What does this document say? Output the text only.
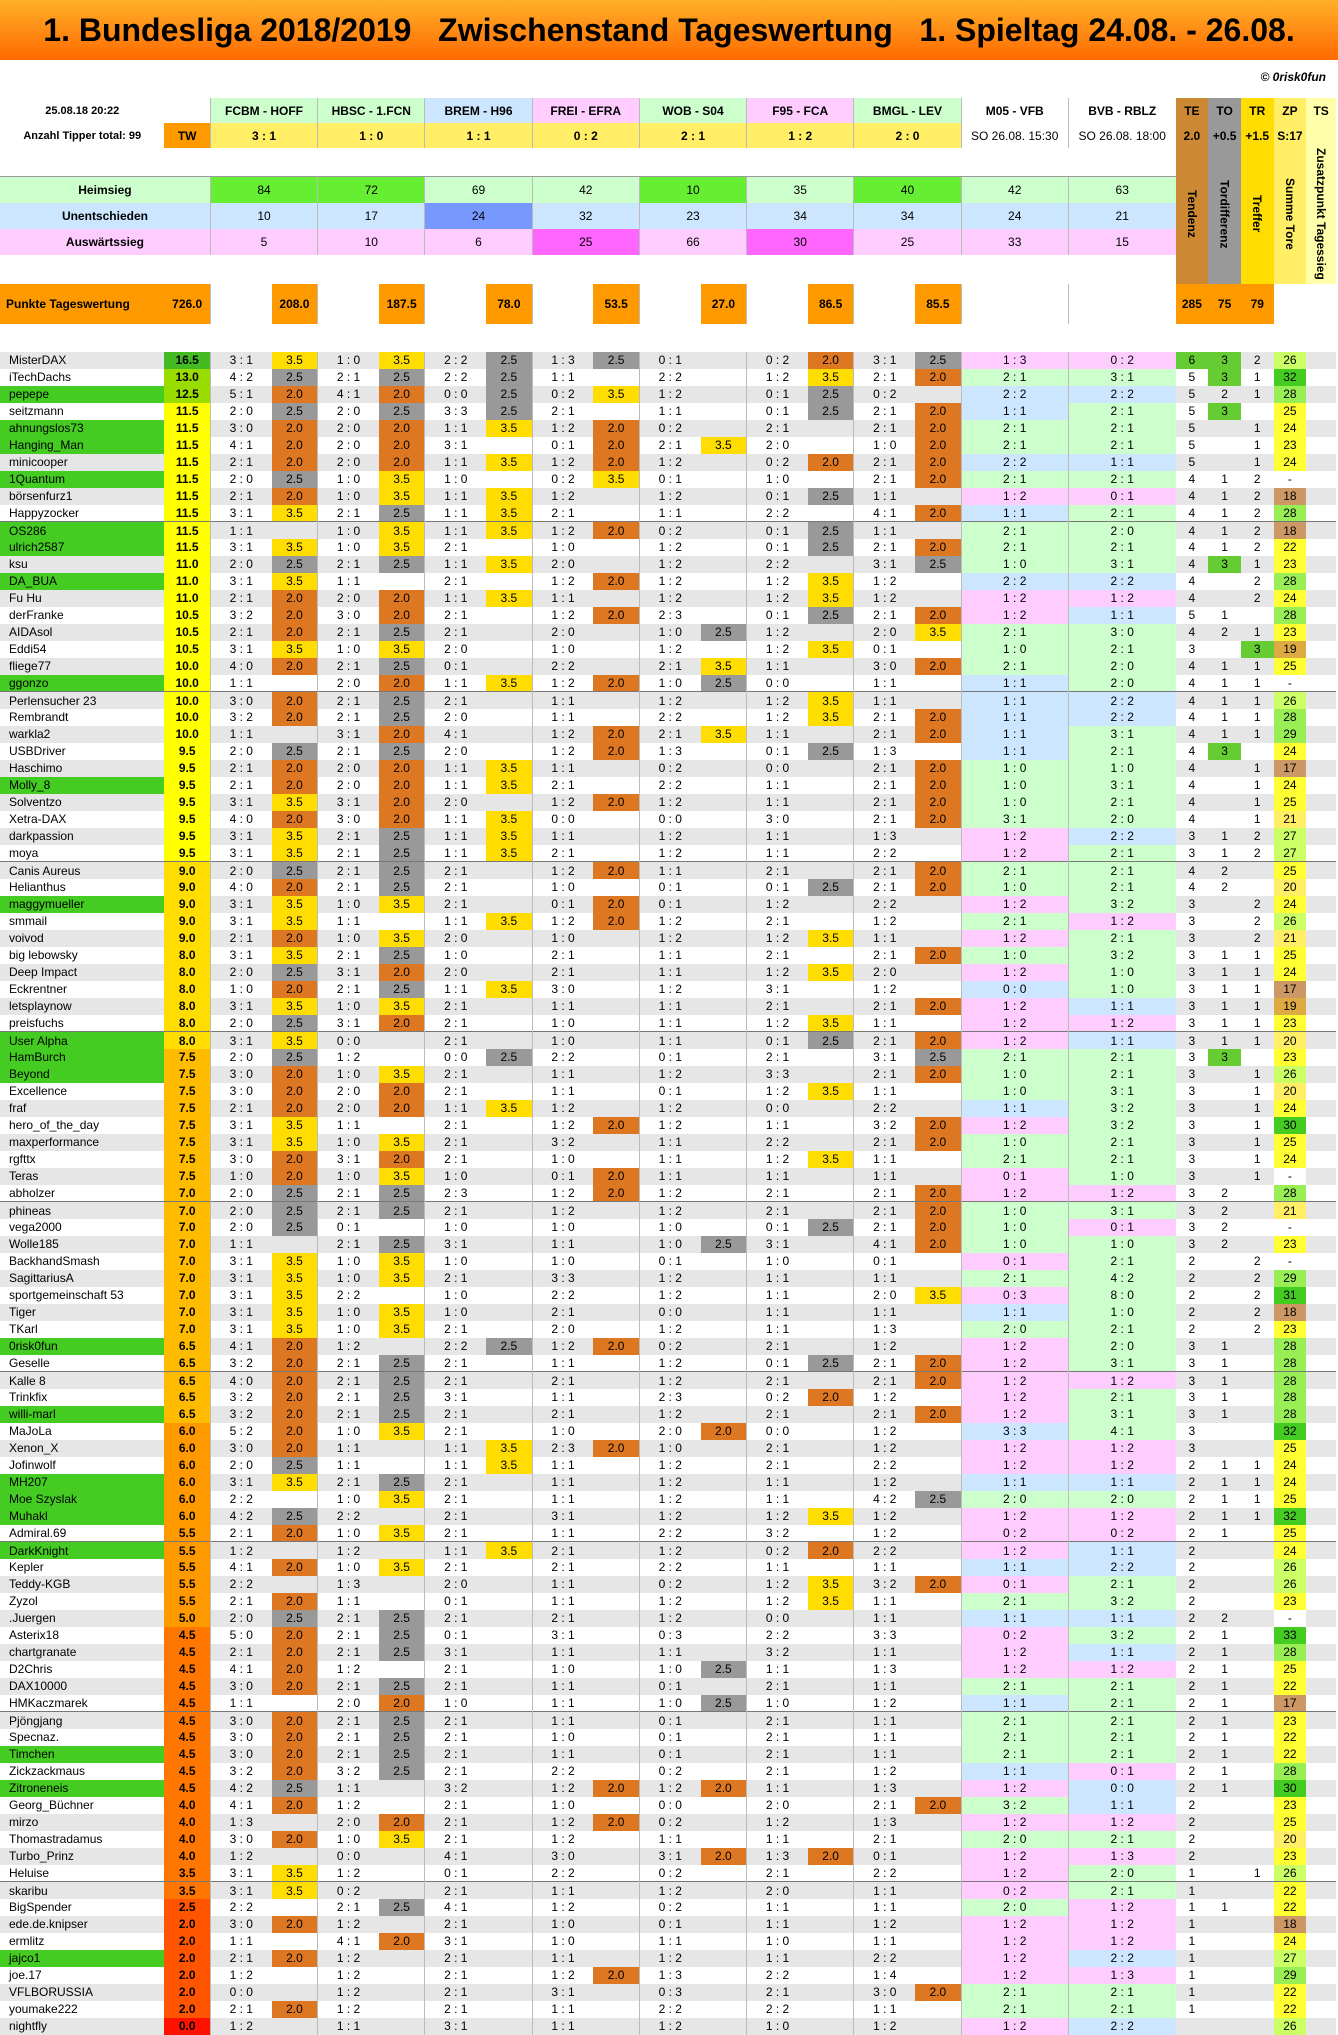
1. Bundesliga 2018/2019   Zwischenstand Tageswertung   1. Spieltag 24.08. - 26.08.
© 0risk0fun
25.08.18 20:22		FCBM - HOFF		HBSC - 1.FCN		BREM - H96		FREI - EFRA		WOB - S04		F95 - FCA		BMGL - LEV		M05 - VFB	BVB - RBLZ	TE	TO	TR	ZP	TS
Anzahl Tipper total: 99	TW	3 : 1		1 : 0		1 : 1		0 : 2		2 : 1		1 : 2		2 : 0		SO 26.08. 15:30	SO 26.08. 18:00	2.0	+0.5	+1.5	S:17	
																		Tendenz	Tordifferenz	Treffer	Summe Tore	Zusatzpunkt Tagessieg
Heimsieg		84		72		69		42		10		35		40		42	63					
Unentschieden		10		17		24		32		23		34		34		24	21					
Auswärtssieg		5		10		6		25		66		30		25		33	15					

Punkte Tageswertung	726.0		208.0		187.5		78.0		53.5		27.0		86.5		85.5			285	75	79		

MisterDAX	16.5	3 : 1	3.5	1 : 0	3.5	2 : 2	2.5	1 : 3	2.5	0 : 1		0 : 2	2.0	3 : 1	2.5	1 : 3	0 : 2	6	3	2	26	
iTechDachs	13.0	4 : 2	2.5	2 : 1	2.5	2 : 2	2.5	1 : 1		2 : 2		1 : 2	3.5	2 : 1	2.0	2 : 1	3 : 1	5	3	1	32	
pepepe	12.5	5 : 1	2.0	4 : 1	2.0	0 : 0	2.5	0 : 2	3.5	1 : 2		0 : 1	2.5	0 : 2		2 : 2	2 : 2	5	2	1	28	
seitzmann	11.5	2 : 0	2.5	2 : 0	2.5	3 : 3	2.5	2 : 1		1 : 1		0 : 1	2.5	2 : 1	2.0	1 : 1	2 : 1	5	3		25	
ahnungslos73	11.5	3 : 0	2.0	2 : 0	2.0	1 : 1	3.5	1 : 2	2.0	0 : 2		2 : 1		2 : 1	2.0	2 : 1	2 : 1	5		1	24	
Hanging_Man	11.5	4 : 1	2.0	2 : 0	2.0	3 : 1		0 : 1	2.0	2 : 1	3.5	2 : 0		1 : 0	2.0	2 : 1	2 : 1	5		1	23	
minicooper	11.5	2 : 1	2.0	2 : 0	2.0	1 : 1	3.5	1 : 2	2.0	1 : 2		0 : 2	2.0	2 : 1	2.0	2 : 2	1 : 1	5		1	24	
1Quantum	11.5	2 : 0	2.5	1 : 0	3.5	1 : 0		0 : 2	3.5	0 : 1		1 : 0		2 : 1	2.0	2 : 1	2 : 1	4	1	2	-	
börsenfurz1	11.5	2 : 1	2.0	1 : 0	3.5	1 : 1	3.5	1 : 2		1 : 2		0 : 1	2.5	1 : 1		1 : 2	0 : 1	4	1	2	18	
Happyzocker	11.5	3 : 1	3.5	2 : 1	2.5	1 : 1	3.5	2 : 1		1 : 1		2 : 2		4 : 1	2.0	1 : 1	2 : 1	4	1	2	28	
OS286	11.5	1 : 1		1 : 0	3.5	1 : 1	3.5	1 : 2	2.0	0 : 2		0 : 1	2.5	1 : 1		2 : 1	2 : 0	4	1	2	18	
ulrich2587	11.5	3 : 1	3.5	1 : 0	3.5	2 : 1		1 : 0		1 : 2		0 : 1	2.5	2 : 1	2.0	2 : 1	2 : 1	4	1	2	22	
ksu	11.0	2 : 0	2.5	2 : 1	2.5	1 : 1	3.5	2 : 0		1 : 2		2 : 2		3 : 1	2.5	1 : 0	3 : 1	4	3	1	23	
DA_BUA	11.0	3 : 1	3.5	1 : 1		2 : 1		1 : 2	2.0	1 : 2		1 : 2	3.5	1 : 2		2 : 2	2 : 2	4		2	28	
Fu Hu	11.0	2 : 1	2.0	2 : 0	2.0	1 : 1	3.5	1 : 1		1 : 2		1 : 2	3.5	1 : 2		1 : 2	1 : 2	4		2	24	
derFranke	10.5	3 : 2	2.0	3 : 0	2.0	2 : 1		1 : 2	2.0	2 : 3		0 : 1	2.5	2 : 1	2.0	1 : 2	1 : 1	5	1		28	
AIDAsol	10.5	2 : 1	2.0	2 : 1	2.5	2 : 1		2 : 0		1 : 0	2.5	1 : 2		2 : 0	3.5	2 : 1	3 : 0	4	2	1	23	
Eddi54	10.5	3 : 1	3.5	1 : 0	3.5	2 : 0		1 : 0		1 : 2		1 : 2	3.5	0 : 1		1 : 0	2 : 1	3		3	19	
fliege77	10.0	4 : 0	2.0	2 : 1	2.5	0 : 1		2 : 2		2 : 1	3.5	1 : 1		3 : 0	2.0	2 : 1	2 : 0	4	1	1	25	
ggonzo	10.0	1 : 1		2 : 0	2.0	1 : 1	3.5	1 : 2	2.0	1 : 0	2.5	0 : 0		1 : 1		1 : 1	2 : 0	4	1	1	-	
Perlensucher 23	10.0	3 : 0	2.0	2 : 1	2.5	2 : 1		1 : 1		1 : 2		1 : 2	3.5	1 : 1		1 : 1	2 : 2	4	1	1	26	
Rembrandt	10.0	3 : 2	2.0	2 : 1	2.5	2 : 0		1 : 1		2 : 2		1 : 2	3.5	2 : 1	2.0	1 : 1	2 : 2	4	1	1	28	
warkla2	10.0	1 : 1		3 : 1	2.0	4 : 1		1 : 2	2.0	2 : 1	3.5	1 : 1		2 : 1	2.0	1 : 1	3 : 1	4	1	1	29	
USBDriver	9.5	2 : 0	2.5	2 : 1	2.5	2 : 0		1 : 2	2.0	1 : 3		0 : 1	2.5	1 : 3		1 : 1	2 : 1	4	3		24	
Haschimo	9.5	2 : 1	2.0	2 : 0	2.0	1 : 1	3.5	1 : 1		0 : 2		0 : 0		2 : 1	2.0	1 : 0	1 : 0	4		1	17	
Molly_8	9.5	2 : 1	2.0	2 : 0	2.0	1 : 1	3.5	2 : 1		2 : 2		1 : 1		2 : 1	2.0	1 : 0	3 : 1	4		1	24	
Solventzo	9.5	3 : 1	3.5	3 : 1	2.0	2 : 0		1 : 2	2.0	1 : 2		1 : 1		2 : 1	2.0	1 : 0	2 : 1	4		1	25	
Xetra-DAX	9.5	4 : 0	2.0	3 : 0	2.0	1 : 1	3.5	0 : 0		0 : 0		3 : 0		2 : 1	2.0	3 : 1	2 : 0	4		1	21	
darkpassion	9.5	3 : 1	3.5	2 : 1	2.5	1 : 1	3.5	1 : 1		1 : 2		1 : 1		1 : 3		1 : 2	2 : 2	3	1	2	27	
moya	9.5	3 : 1	3.5	2 : 1	2.5	1 : 1	3.5	2 : 1		1 : 2		1 : 1		2 : 2		1 : 2	2 : 1	3	1	2	27	
Canis Aureus	9.0	2 : 0	2.5	2 : 1	2.5	2 : 1		1 : 2	2.0	1 : 1		2 : 1		2 : 1	2.0	2 : 1	2 : 1	4	2		25	
Helianthus	9.0	4 : 0	2.0	2 : 1	2.5	2 : 1		1 : 0		0 : 1		0 : 1	2.5	2 : 1	2.0	1 : 0	2 : 1	4	2		20	
maggymueller	9.0	3 : 1	3.5	1 : 0	3.5	2 : 1		0 : 1	2.0	0 : 1		1 : 2		2 : 2		1 : 2	3 : 2	3		2	24	
smmail	9.0	3 : 1	3.5	1 : 1		1 : 1	3.5	1 : 2	2.0	1 : 2		2 : 1		1 : 2		2 : 1	1 : 2	3		2	26	
voivod	9.0	2 : 1	2.0	1 : 0	3.5	2 : 0		1 : 0		1 : 2		1 : 2	3.5	1 : 1		1 : 2	2 : 1	3		2	21	
big lebowsky	8.0	3 : 1	3.5	2 : 1	2.5	1 : 0		2 : 1		1 : 1		2 : 1		2 : 1	2.0	1 : 0	3 : 2	3	1	1	25	
Deep Impact	8.0	2 : 0	2.5	3 : 1	2.0	2 : 0		2 : 1		1 : 1		1 : 2	3.5	2 : 0		1 : 2	1 : 0	3	1	1	24	
Eckrentner	8.0	1 : 0	2.0	2 : 1	2.5	1 : 1	3.5	3 : 0		1 : 2		3 : 1		1 : 2		0 : 0	1 : 0	3	1	1	17	
letsplaynow	8.0	3 : 1	3.5	1 : 0	3.5	2 : 1		1 : 1		1 : 1		2 : 1		2 : 1	2.0	1 : 2	1 : 1	3	1	1	19	
preisfuchs	8.0	2 : 0	2.5	3 : 1	2.0	2 : 1		1 : 0		1 : 1		1 : 2	3.5	1 : 1		1 : 2	1 : 2	3	1	1	23	
User Alpha	8.0	3 : 1	3.5	0 : 0		2 : 1		1 : 0		1 : 1		0 : 1	2.5	2 : 1	2.0	1 : 2	1 : 1	3	1	1	20	
HamBurch	7.5	2 : 0	2.5	1 : 2		0 : 0	2.5	2 : 2		0 : 1		2 : 1		3 : 1	2.5	2 : 1	2 : 1	3	3		23	
Beyond	7.5	3 : 0	2.0	1 : 0	3.5	2 : 1		1 : 1		1 : 2		3 : 3		2 : 1	2.0	1 : 0	2 : 1	3		1	26	
Excellence	7.5	3 : 0	2.0	2 : 0	2.0	2 : 1		1 : 1		0 : 1		1 : 2	3.5	1 : 1		1 : 0	3 : 1	3		1	20	
fraf	7.5	2 : 1	2.0	2 : 0	2.0	1 : 1	3.5	1 : 2		1 : 2		0 : 0		2 : 2		1 : 1	3 : 2	3		1	24	
hero_of_the_day	7.5	3 : 1	3.5	1 : 1		2 : 1		1 : 2	2.0	1 : 2		1 : 1		3 : 2	2.0	1 : 2	3 : 2	3		1	30	
maxperformance	7.5	3 : 1	3.5	1 : 0	3.5	2 : 1		3 : 2		1 : 1		2 : 2		2 : 1	2.0	1 : 0	2 : 1	3		1	25	
rgfttx	7.5	3 : 0	2.0	3 : 1	2.0	2 : 1		1 : 0		1 : 1		1 : 2	3.5	1 : 1		2 : 1	2 : 1	3		1	24	
Teras	7.5	1 : 0	2.0	1 : 0	3.5	1 : 0		0 : 1	2.0	1 : 1		1 : 1		1 : 1		0 : 1	1 : 0	3		1	-	
abholzer	7.0	2 : 0	2.5	2 : 1	2.5	2 : 3		1 : 2	2.0	1 : 2		2 : 1		2 : 1	2.0	1 : 2	1 : 2	3	2		28	
phineas	7.0	2 : 0	2.5	2 : 1	2.5	2 : 1		1 : 2		1 : 2		2 : 1		2 : 1	2.0	1 : 0	3 : 1	3	2		21	
vega2000	7.0	2 : 0	2.5	0 : 1		1 : 0		1 : 0		1 : 0		0 : 1	2.5	2 : 1	2.0	1 : 0	0 : 1	3	2		-	
Wolle185	7.0	1 : 1		2 : 1	2.5	3 : 1		1 : 1		1 : 0	2.5	3 : 1		4 : 1	2.0	1 : 0	1 : 0	3	2		23	
BackhandSmash	7.0	3 : 1	3.5	1 : 0	3.5	1 : 0		1 : 0		0 : 1		1 : 0		0 : 1		0 : 1	2 : 1	2		2	-	
SagittariusA	7.0	3 : 1	3.5	1 : 0	3.5	2 : 1		3 : 3		1 : 2		1 : 1		1 : 1		2 : 1	4 : 2	2		2	29	
sportgemeinschaft 53	7.0	3 : 1	3.5	2 : 2		1 : 0		2 : 2		1 : 2		1 : 1		2 : 0	3.5	0 : 3	8 : 0	2		2	31	
Tiger	7.0	3 : 1	3.5	1 : 0	3.5	1 : 0		2 : 1		0 : 0		1 : 1		1 : 1		1 : 1	1 : 0	2		2	18	
TKarl	7.0	3 : 1	3.5	1 : 0	3.5	2 : 1		2 : 0		1 : 2		1 : 1		1 : 3		2 : 0	2 : 1	2		2	23	
0risk0fun	6.5	4 : 1	2.0	1 : 2		2 : 2	2.5	1 : 2	2.0	0 : 2		2 : 1		1 : 2		1 : 2	2 : 0	3	1		28	
Geselle	6.5	3 : 2	2.0	2 : 1	2.5	2 : 1		1 : 1		1 : 2		0 : 1	2.5	2 : 1	2.0	1 : 2	3 : 1	3	1		28	
Kalle 8	6.5	4 : 0	2.0	2 : 1	2.5	2 : 1		2 : 1		1 : 2		2 : 1		2 : 1	2.0	1 : 2	1 : 2	3	1		28	
Trinkfix	6.5	3 : 2	2.0	2 : 1	2.5	3 : 1		1 : 1		2 : 3		0 : 2	2.0	1 : 2		1 : 2	2 : 1	3	1		28	
willi-marl	6.5	3 : 2	2.0	2 : 1	2.5	2 : 1		2 : 1		1 : 2		2 : 1		2 : 1	2.0	1 : 2	3 : 1	3	1		28	
MaJoLa	6.0	5 : 2	2.0	1 : 0	3.5	2 : 1		1 : 0		2 : 0	2.0	0 : 0		1 : 2		3 : 3	4 : 1	3			32	
Xenon_X	6.0	3 : 0	2.0	1 : 1		1 : 1	3.5	2 : 3	2.0	1 : 0		2 : 1		1 : 2		1 : 2	1 : 2	3			25	
Jofinwolf	6.0	2 : 0	2.5	1 : 1		1 : 1	3.5	1 : 1		1 : 2		2 : 1		2 : 2		1 : 2	1 : 2	2	1	1	24	
MH207	6.0	3 : 1	3.5	2 : 1	2.5	2 : 1		1 : 1		1 : 2		1 : 1		1 : 2		1 : 1	1 : 1	2	1	1	24	
Moe Szyslak	6.0	2 : 2		1 : 0	3.5	2 : 1		1 : 1		1 : 2		1 : 1		4 : 2	2.5	2 : 0	2 : 0	2	1	1	25	
Muhakl	6.0	4 : 2	2.5	2 : 2		2 : 1		3 : 1		1 : 2		1 : 2	3.5	1 : 2		1 : 2	1 : 2	2	1	1	32	
Admiral.69	5.5	2 : 1	2.0	1 : 0	3.5	2 : 1		1 : 1		2 : 2		3 : 2		1 : 2		0 : 2	0 : 2	2	1		25	
DarkKnight	5.5	1 : 2		1 : 2		1 : 1	3.5	2 : 1		1 : 2		0 : 2	2.0	2 : 2		1 : 2	1 : 1	2			24	
Kepler	5.5	4 : 1	2.0	1 : 0	3.5	2 : 1		2 : 1		2 : 2		1 : 1		1 : 1		1 : 1	2 : 2	2			26	
Teddy-KGB	5.5	2 : 2		1 : 3		2 : 0		1 : 1		0 : 2		1 : 2	3.5	3 : 2	2.0	0 : 1	2 : 1	2			26	
Zyzol	5.5	2 : 1	2.0	1 : 1		0 : 1		1 : 1		1 : 2		1 : 2	3.5	1 : 1		2 : 1	3 : 2	2			23	
.Juergen	5.0	2 : 0	2.5	2 : 1	2.5	2 : 1		2 : 1		1 : 2		0 : 0		1 : 1		1 : 1	1 : 1	2	2		-	
Asterix18	4.5	5 : 0	2.0	2 : 1	2.5	0 : 1		3 : 1		0 : 3		2 : 2		3 : 3		0 : 2	3 : 2	2	1		33	
chartgranate	4.5	2 : 1	2.0	2 : 1	2.5	3 : 1		1 : 1		1 : 1		3 : 2		1 : 1		1 : 2	1 : 1	2	1		28	
D2Chris	4.5	4 : 1	2.0	1 : 2		2 : 1		1 : 0		1 : 0	2.5	1 : 1		1 : 3		1 : 2	1 : 2	2	1		25	
DAX10000	4.5	3 : 0	2.0	2 : 1	2.5	2 : 1		1 : 1		0 : 1		2 : 1		1 : 1		2 : 1	2 : 1	2	1		22	
HMKaczmarek	4.5	1 : 1		2 : 0	2.0	1 : 0		1 : 1		1 : 0	2.5	1 : 0		1 : 2		1 : 1	2 : 1	2	1		17	
Pjöngjang	4.5	3 : 0	2.0	2 : 1	2.5	2 : 1		1 : 1		0 : 1		2 : 1		1 : 1		2 : 1	2 : 1	2	1		23	
Specnaz.	4.5	3 : 0	2.0	2 : 1	2.5	2 : 1		1 : 0		0 : 1		2 : 1		1 : 1		2 : 1	2 : 1	2	1		22	
Timchen	4.5	3 : 0	2.0	2 : 1	2.5	2 : 1		1 : 1		0 : 1		2 : 1		1 : 1		2 : 1	2 : 1	2	1		22	
Zickzackmaus	4.5	3 : 2	2.0	3 : 2	2.5	2 : 1		2 : 2		0 : 2		2 : 1		1 : 2		1 : 1	0 : 1	2	1		28	
Zitroneneis	4.5	4 : 2	2.5	1 : 1		3 : 2		1 : 2	2.0	1 : 2	2.0	1 : 1		1 : 3		1 : 2	0 : 0	2	1		30	
Georg_Büchner	4.0	4 : 1	2.0	1 : 2		2 : 1		1 : 0		0 : 0		2 : 0		2 : 1	2.0	3 : 2	1 : 1	2			23	
mirzo	4.0	1 : 3		2 : 0	2.0	2 : 1		1 : 2	2.0	0 : 2		1 : 2		1 : 3		1 : 2	1 : 2	2			25	
Thomastradamus	4.0	3 : 0	2.0	1 : 0	3.5	2 : 1		1 : 2		1 : 1		1 : 1		2 : 1		2 : 0	2 : 1	2			20	
Turbo_Prinz	4.0	1 : 2		0 : 0		4 : 1		3 : 0		3 : 1	2.0	1 : 3	2.0	0 : 1		1 : 2	1 : 3	2			23	
Heluise	3.5	3 : 1	3.5	1 : 2		0 : 1		2 : 2		0 : 2		2 : 1		2 : 2		1 : 2	2 : 0	1		1	26	
skaribu	3.5	3 : 1	3.5	0 : 2		2 : 1		1 : 1		1 : 2		2 : 0		1 : 1		0 : 2	2 : 1	1			22	
BigSpender	2.5	2 : 2		2 : 1	2.5	4 : 1		1 : 2		0 : 2		1 : 1		1 : 1		2 : 0	1 : 2	1	1		22	
ede.de.knipser	2.0	3 : 0	2.0	1 : 2		2 : 1		1 : 0		0 : 1		1 : 1		1 : 2		1 : 2	1 : 2	1			18	
ermlitz	2.0	1 : 1		4 : 1	2.0	3 : 1		1 : 0		1 : 1		1 : 0		1 : 1		1 : 2	1 : 2	1			24	
jajco1	2.0	2 : 1	2.0	1 : 2		2 : 1		1 : 1		1 : 2		1 : 1		2 : 2		1 : 2	2 : 2	1			27	
joe.17	2.0	1 : 2		1 : 2		2 : 1		1 : 2	2.0	1 : 3		2 : 2		1 : 4		1 : 2	1 : 3	1			29	
VFLBORUSSIA	2.0	0 : 0		1 : 2		2 : 1		3 : 1		0 : 3		2 : 1		3 : 0	2.0	2 : 1	2 : 1	1			22	
youmake222	2.0	2 : 1	2.0	1 : 2		2 : 1		1 : 1		2 : 2		2 : 2		1 : 1		2 : 1	2 : 1	1			22	
nightfly	0.0	1 : 2		1 : 1		3 : 1		1 : 1		1 : 2		1 : 0		1 : 2		1 : 2	2 : 2				26	
